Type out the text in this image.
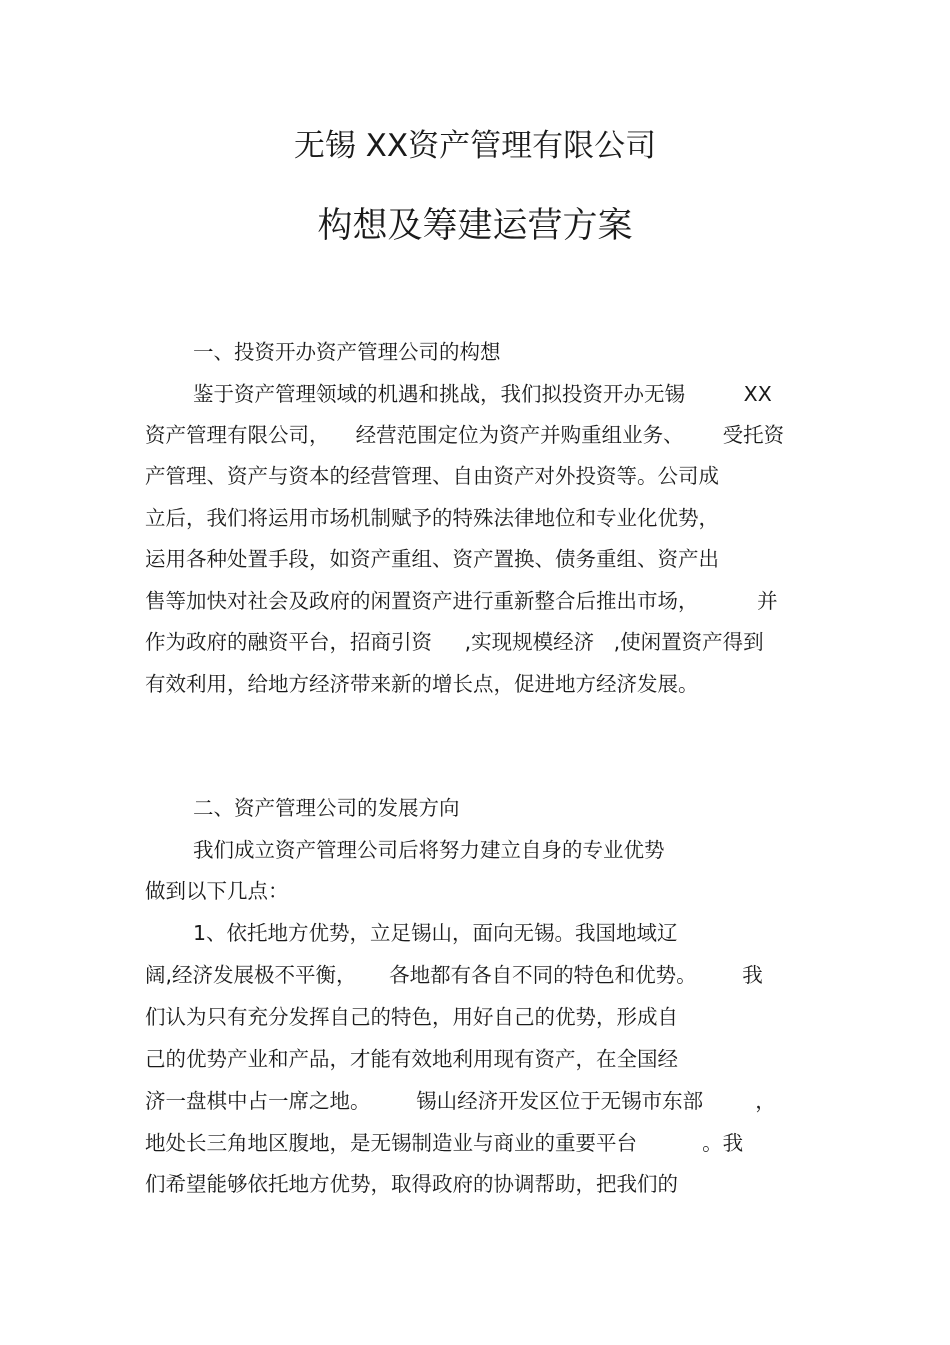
无锡 XX资产管理有限公司
构想及筹建运营方案
一、投资开办资产管理公司的构想
鉴于资产管理领域的机遇和挑战，我们拟投资开办无锡         XX
资产管理有限公司，    经营范围定位为资产并购重组业务、      受托资
产管理、资产与资本的经营管理、自由资产对外投资等。公司成
立后，我们将运用市场机制赋予的特殊法律地位和专业化优势，
运用各种处置手段，如资产重组、资产置换、债务重组、资产出
售等加快对社会及政府的闲置资产进行重新整合后推出市场，         并
作为政府的融资平台，招商引资     ,实现规模经济   ,使闲置资产得到
有效利用，给地方经济带来新的增长点，促进地方经济发展。
二、资产管理公司的发展方向
我们成立资产管理公司后将努力建立自身的专业优势
做到以下几点：
1、依托地方优势，立足锡山，面向无锡。我国地域辽
阔,经济发展极不平衡，     各地都有各自不同的特色和优势。       我
们认为只有充分发挥自己的特色，用好自己的优势，形成自
己的优势产业和产品，才能有效地利用现有资产，在全国经
济一盘棋中占一席之地。       锡山经济开发区位于无锡市东部        ，
地处长三角地区腹地，是无锡制造业与商业的重要平台          。我
们希望能够依托地方优势，取得政府的协调帮助，把我们的
